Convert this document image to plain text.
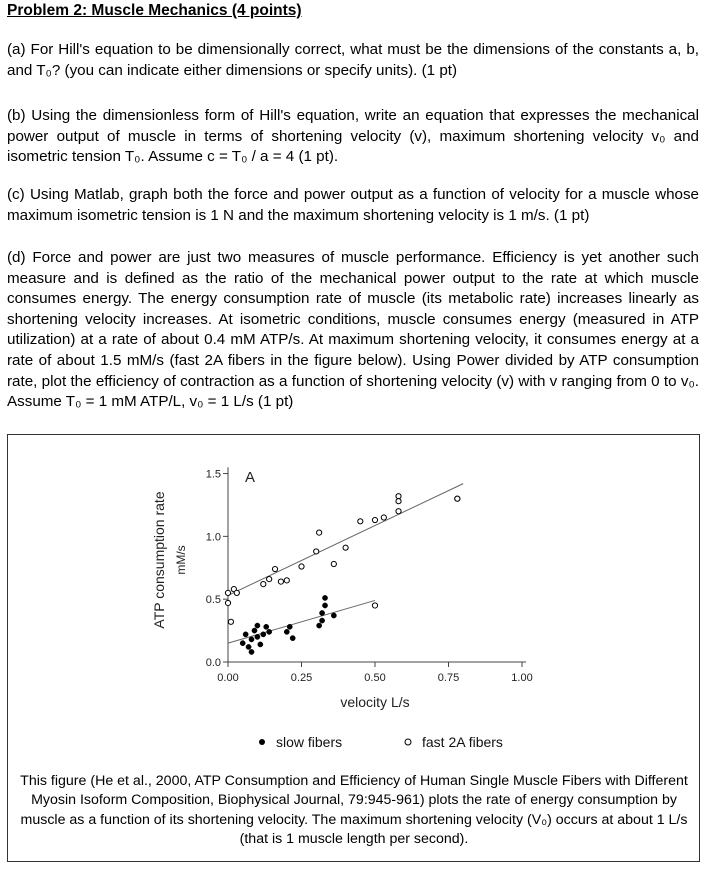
Problem 2: Muscle Mechanics (4 points)
(a) For Hill's equation to be dimensionally correct, what must be the dimensions of the constants a, b, and T₀? (you can indicate either dimensions or specify units). (1 pt)
(b) Using the dimensionless form of Hill's equation, write an equation that expresses the mechanical power output of muscle in terms of shortening velocity (v), maximum shortening velocity v₀ and isometric tension T₀. Assume c = T₀ / a = 4 (1 pt).
(c) Using Matlab, graph both the force and power output as a function of velocity for a muscle whose maximum isometric tension is 1 N and the maximum shortening velocity is 1 m/s. (1 pt)
(d) Force and power are just two measures of muscle performance. Efficiency is yet another such measure and is defined as the ratio of the mechanical power output to the rate at which muscle consumes energy. The energy consumption rate of muscle (its metabolic rate) increases linearly as shortening velocity increases. At isometric conditions, muscle consumes energy (measured in ATP utilization) at a rate of about 0.4 mM ATP/s. At maximum shortening velocity, it consumes energy at a rate of about 1.5 mM/s (fast 2A fibers in the figure below). Using Power divided by ATP consumption rate, plot the efficiency of contraction as a function of shortening velocity (v) with v ranging from 0 to v₀. Assume T₀ = 1 mM ATP/L, v₀ = 1 L/s (1 pt)
0.0
0.5
1.0
1.5
0.00	0.25	0.50	0.75	1.00
A
ATP consumption rate mM/s
velocity L/s
slow fibers	fast 2A fibers
This figure (He et al., 2000, ATP Consumption and Efficiency of Human Single Muscle Fibers with Different Myosin Isoform Composition, Biophysical Journal, 79:945-961) plots the rate of energy consumption by muscle as a function of its shortening velocity. The maximum shortening velocity (V₀) occurs at about 1 L/s (that is 1 muscle length per second).
